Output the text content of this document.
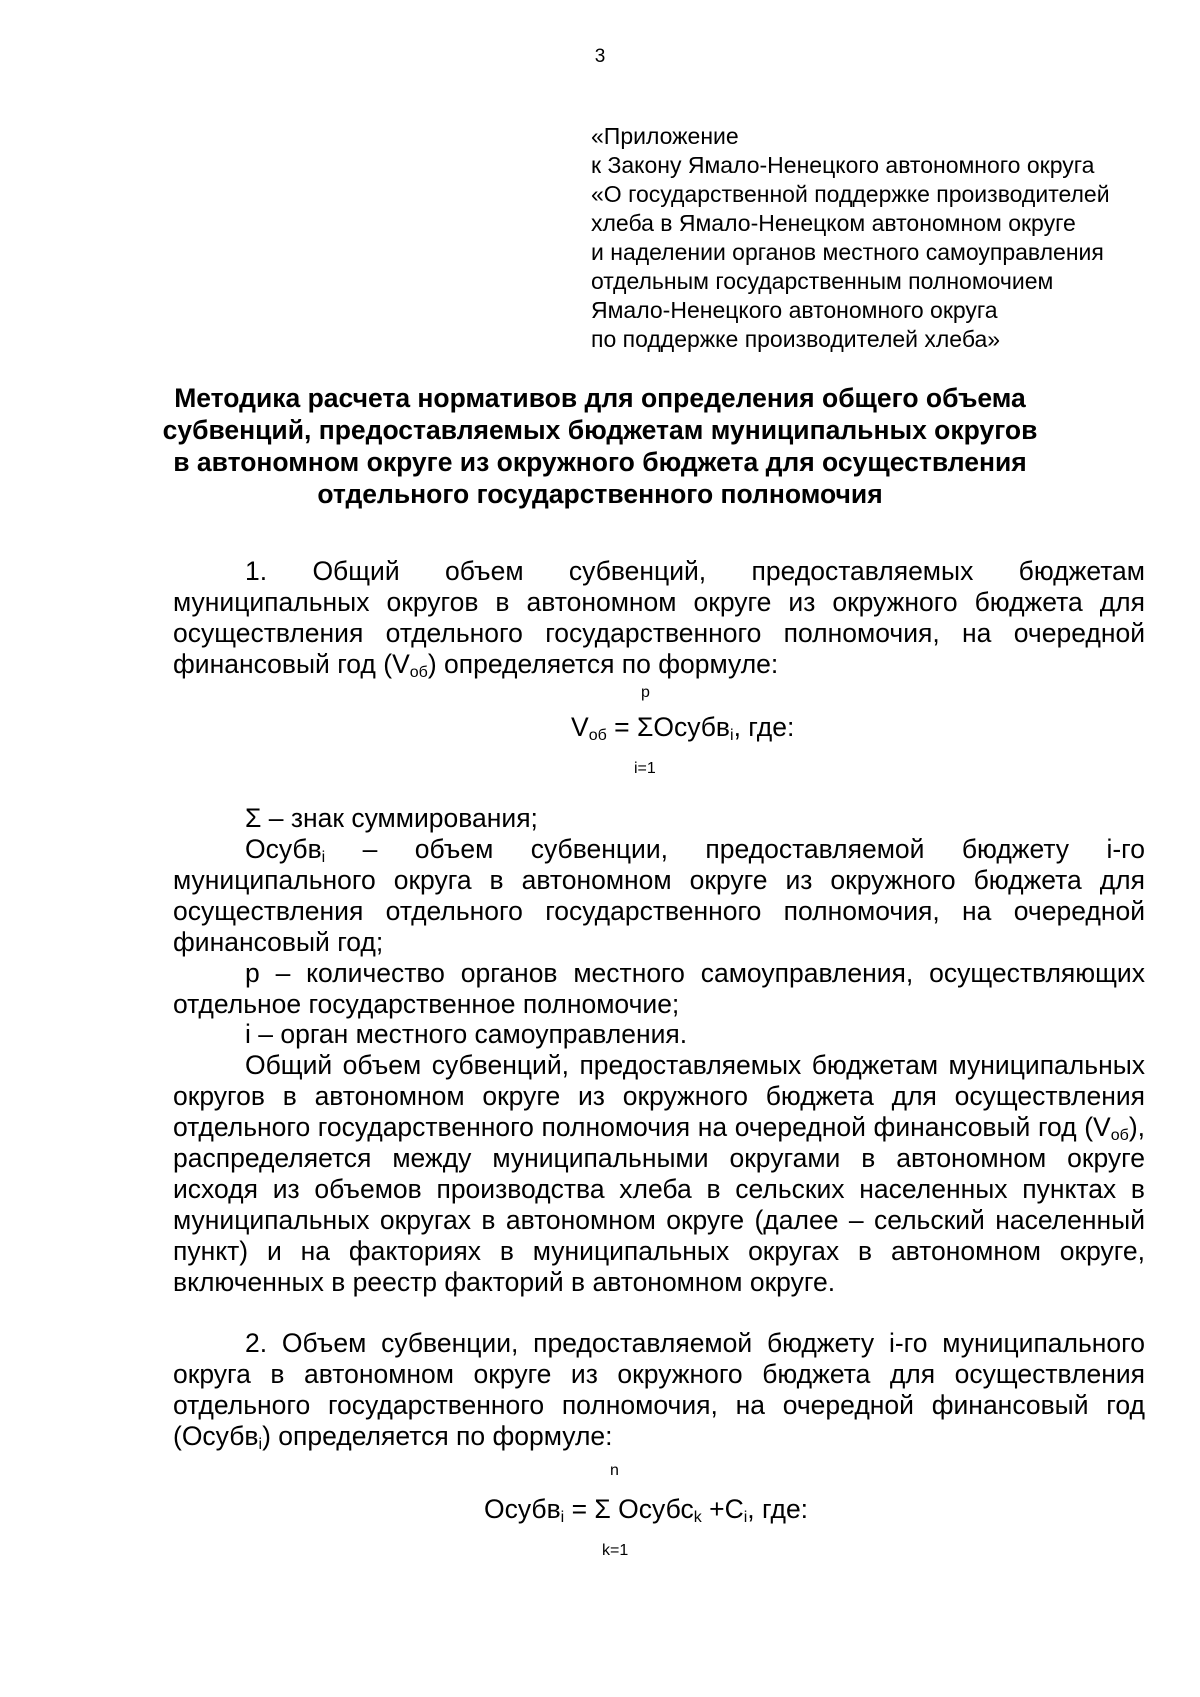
3
«Приложение
к Закону Ямало-Ненецкого автономного округа
«О государственной поддержке производителей
хлеба в Ямало-Ненецком автономном округе
и наделении органов местного самоуправления
отдельным государственным полномочием
Ямало-Ненецкого автономного округа
по поддержке производителей хлеба»
Методика расчета нормативов для определения общего объема
субвенций, предоставляемых бюджетам муниципальных округов
в автономном округе из окружного бюджета для осуществления
отдельного государственного полномочия
1. Общий объем субвенций, предоставляемых бюджетам муниципальных округов в автономном округе из окружного бюджета для осуществления отдельного государственного полномочия, на очередной финансовый год $(V_{об})$ определяется по формуле:
p
$V_{об}$ = ΣОсубв$_i$, где:
i=1
Σ – знак суммирования;
Осубв$_i$ – объем субвенции, предоставляемой бюджету i-го муниципального округа в автономном округе из окружного бюджета для осуществления отдельного государственного полномочия, на очередной финансовый год;
p – количество органов местного самоуправления, осуществляющих отдельное государственное полномочие;
i – орган местного самоуправления.
Общий объем субвенций, предоставляемых бюджетам муниципальных округов в автономном округе из окружного бюджета для осуществления отдельного государственного полномочия на очередной финансовый год $(V_{об})$, распределяется между муниципальными округами в автономном округе исходя из объемов производства хлеба в сельских населенных пунктах в муниципальных округах в автономном округе (далее – сельский населенный пункт) и на факториях в муниципальных округах в автономном округе, включенных в реестр факторий в автономном округе.
2. Объем субвенции, предоставляемой бюджету i-го муниципального округа в автономном округе из окружного бюджета для осуществления отдельного государственного полномочия, на очередной финансовый год (Осубв$_i$) определяется по формуле:
n
Осубв$_i$ = Σ Осубс$_k$ $+C_i$, где:
k=1
